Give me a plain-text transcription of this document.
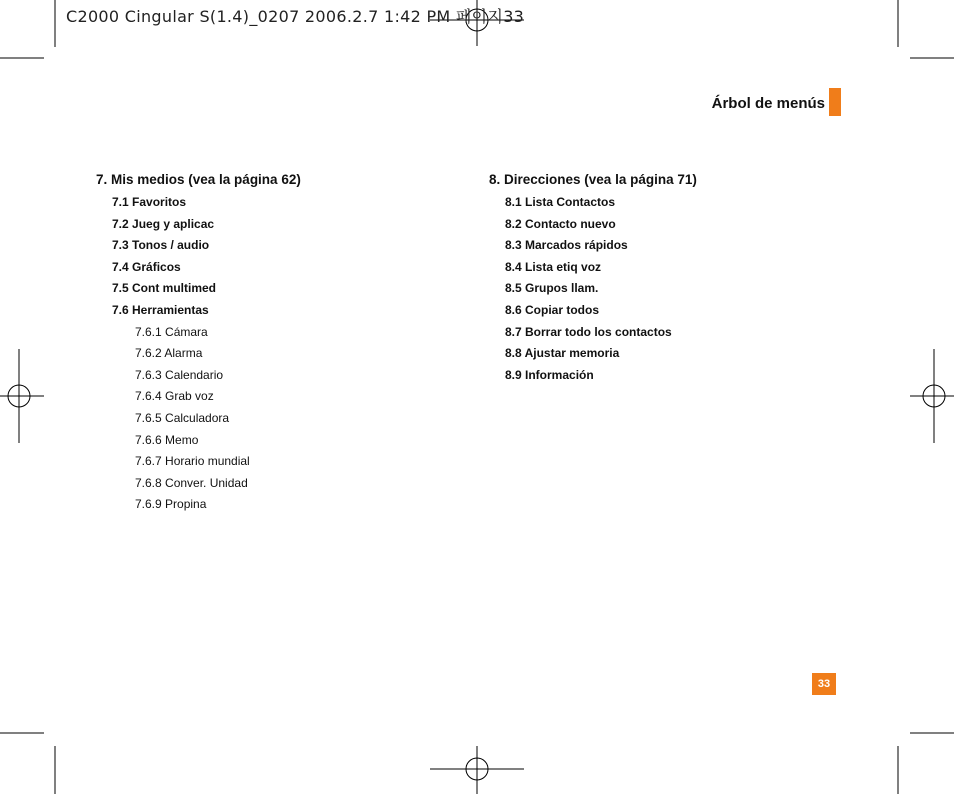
C2000 Cingular S(1.4)_0207 2006.2.7 1:42 PM 페이지33
Árbol de menús
7. Mis medios (vea la página 62)
7.1 Favoritos
7.2 Jueg y aplicac
7.3 Tonos / audio
7.4 Gráficos
7.5 Cont multimed
7.6 Herramientas
7.6.1 Cámara
7.6.2 Alarma
7.6.3 Calendario
7.6.4 Grab voz
7.6.5 Calculadora
7.6.6 Memo
7.6.7 Horario mundial
7.6.8 Conver. Unidad
7.6.9 Propina
8. Direcciones (vea la página 71)
8.1 Lista Contactos
8.2 Contacto nuevo
8.3 Marcados rápidos
8.4 Lista etiq voz
8.5 Grupos llam.
8.6 Copiar todos
8.7 Borrar todo los contactos
8.8 Ajustar memoria
8.9 Información
33
